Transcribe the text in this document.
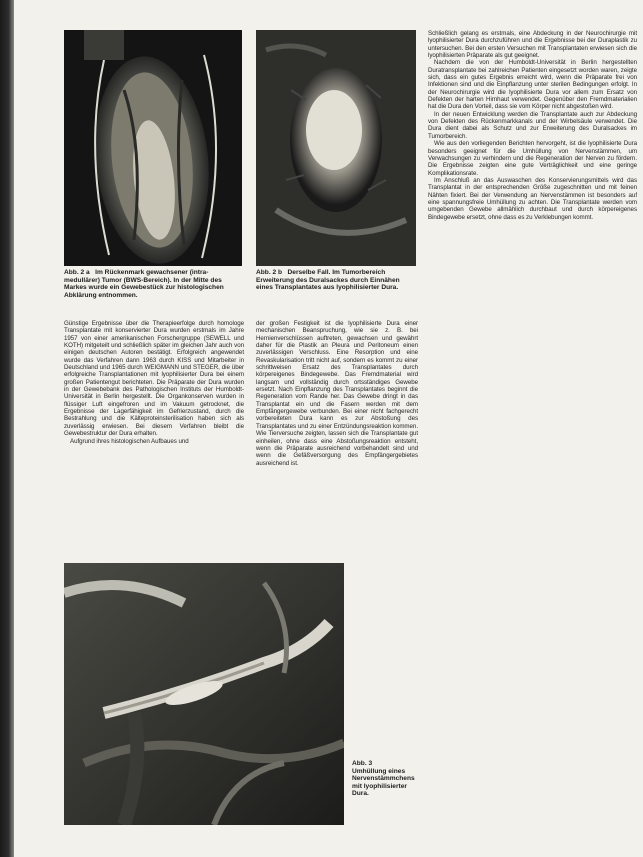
Abb. 2 a Im Rückenmark gewachsener (intra-medullärer) Tumor (BWS-Bereich). In der Mitte des Markes wurde ein Gewebestück zur histologischen Abklärung entnommen.
Abb. 2 b Derselbe Fall. Im Tumorbereich Erweiterung des Duralsackes durch Einnähen eines Transplantates aus lyophilisierter Dura.

Günstige Ergebnisse über die Therapieerfolge durch homologe Transplantate mit konservierter Dura wurden erstmals im Jahre 1957 von einer amerikanischen Forschergruppe (SEWELL und KOTH) mitgeteilt und schließlich später im gleichen Jahr auch von einigen deutschen Autoren bestätigt. Erfolgreich angewendet wurde das Verfahren dann 1963 durch KISS und Mitarbeiter in Deutschland und 1965 durch WEIGMANN und STEGER, die über erfolgreiche Transplantationen mit lyophilisierter Dura bei einem großen Patientengut berichteten. Die Präparate der Dura wurden in der Gewebebank des Pathologischen Instituts der Humboldt-Universität in Berlin hergestellt. Die Organkonserven wurden in flüssiger Luft eingefroren und im Vakuum getrocknet, die Ergebnisse der Lagerfähigkeit im Gefrierzustand, durch die Bestrahlung und die Kälteproteinsterilisation haben sich als zuverlässig erwiesen. Bei diesem Verfahren bleibt die Gewebestruktur der Dura erhalten.

Aufgrund ihres histologischen Aufbaues und

der großen Festigkeit ist die lyophilisierte Dura einer mechanischen Beanspruchung, wie sie z. B. bei Hernienverschlüssen auftreten, gewachsen und gewährt daher für die Plastik an Pleura und Peritoneum einen zuverlässigen Verschluss. Eine Resorption und eine Revaskularisation tritt nicht auf, sondern es kommt zu einer schrittweisen Ersatz des Transplantates durch körpereigenes Bindegewebe. Das Fremdmaterial wird langsam und vollständig durch ortsständiges Gewebe ersetzt. Nach Einpflanzung des Transplantates beginnt die Regeneration vom Rande her. Das Gewebe dringt in das Transplantat ein und die Fasern werden mit dem Empfängergewebe verbunden. Bei einer nicht fachgerecht vorbereiteten Dura kann es zur Abstoßung des Transplantates und zu einer Entzündungsreaktion kommen. Wie Tierversuche zeigten, lassen sich die Transplantate gut einheilen, ohne dass eine Abstoßungsreaktion entsteht, wenn die Präparate ausreichend vorbehandelt sind und wenn die Gefäßversorgung des Empfängergebietes ausreichend ist.

Abb. 3
Umhüllung eines Nervenstämmchens mit lyophilisierter Dura.

Schließlich gelang es erstmals, eine Abdeckung in der Neurochirurgie mit lyophilisierter Dura durchzuführen und die Ergebnisse bei der Duraplastik zu untersuchen. Bei den ersten Versuchen mit Transplantaten erwiesen sich die lyophilisierten Präparate als gut geeignet.

Nachdem die von der Humboldt-Universität in Berlin hergestellten Duratransplantate bei zahlreichen Patienten eingesetzt worden waren, zeigte sich, dass ein gutes Ergebnis erreicht wird, wenn die Präparate frei von Infektionen sind und die Einpflanzung unter sterilen Bedingungen erfolgt. In der Neurochirurgie wird die lyophilisierte Dura vor allem zum Ersatz von Defekten der harten Hirnhaut verwendet. Gegenüber den Fremdmaterialien hat die Dura den Vorteil, dass sie vom Körper nicht abgestoßen wird.

In der neuen Entwicklung werden die Transplantate auch zur Abdeckung von Defekten des Rückenmarkkanals und der Wirbelsäule verwendet. Die Dura dient dabei als Schutz und zur Erweiterung des Duralsackes im Tumorbereich.

Wie aus den vorliegenden Berichten hervorgeht, ist die lyophilisierte Dura besonders geeignet für die Umhüllung von Nervenstämmen, um Verwachsungen zu verhindern und die Regeneration der Nerven zu fördern. Die Ergebnisse zeigten eine gute Verträglichkeit und eine geringe Komplikationsrate.

Im Anschluß an das Auswaschen des Konservierungsmittels wird das Transplantat in der entsprechenden Größe zugeschnitten und mit feinen Nähten fixiert. Bei der Verwendung an Nervenstämmen ist besonders auf eine spannungsfreie Umhüllung zu achten. Die Transplantate werden vom umgebenden Gewebe allmählich durchbaut und durch körpereigenes Bindegewebe ersetzt, ohne dass es zu Verklebungen kommt.
